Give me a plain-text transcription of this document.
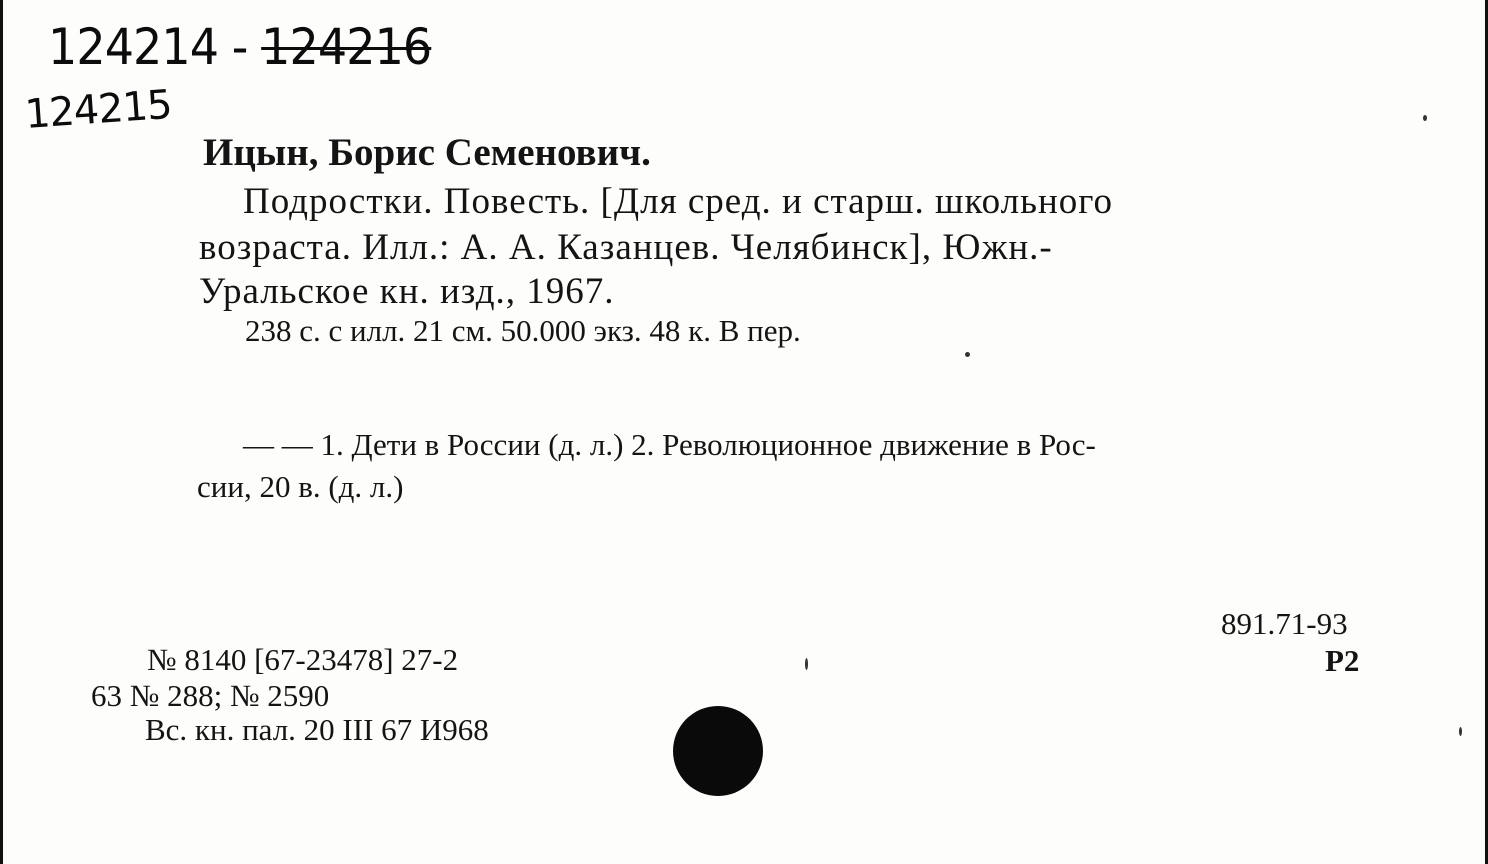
124214 - 124216
124215
Ицын, Борис Семенович.
Подростки. Повесть. [Для сред. и старш. школьного
возраста. Илл.: А. А. Казанцев. Челябинск], Южн.-
Уральское кн. изд., 1967.
238 с. с илл. 21 см. 50.000 экз. 48 к. В пер.
— — 1. Дети в России (д. л.) 2. Революционное движение в Рос-
сии, 20 в. (д. л.)
891.71-93
Р2
№ 8140 [67-23478] 27-2
63 № 288; № 2590
Вс. кн. пал. 20 III 67 И968
